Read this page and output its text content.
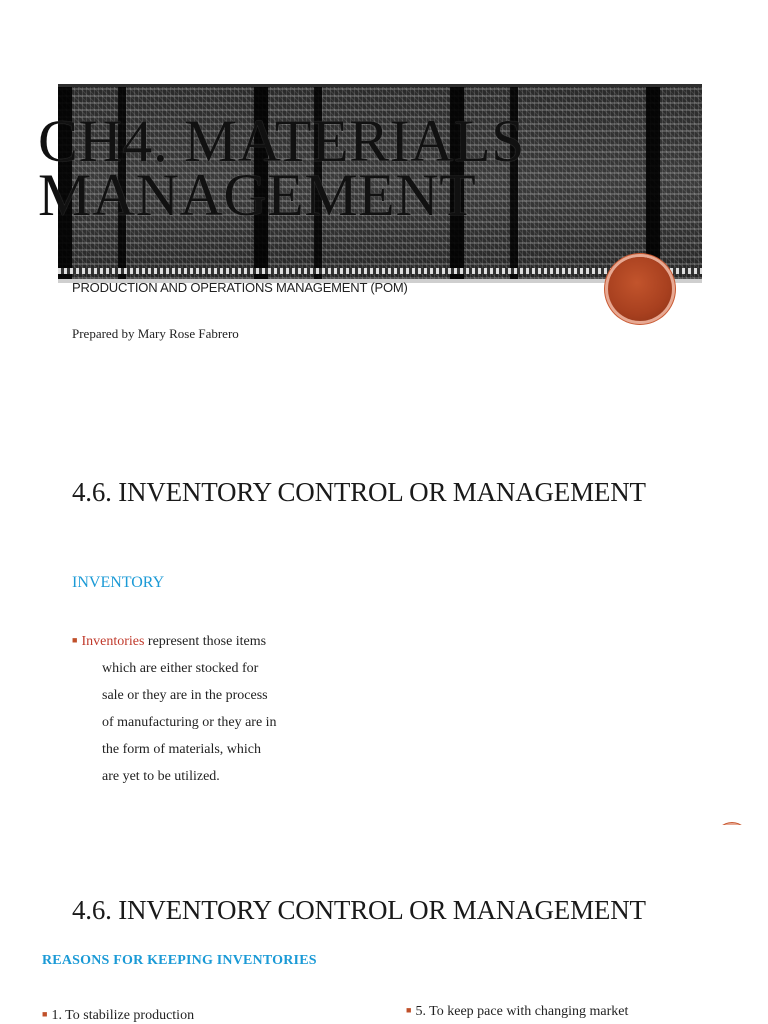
CH4. MATERIALS MANAGEMENT
PRODUCTION AND OPERATIONS MANAGEMENT (POM)
Prepared by Mary Rose Fabrero
4.6. INVENTORY CONTROL OR MANAGEMENT
INVENTORY
■ Inventories represent those items
which are either stocked for
sale or they are in the process
of manufacturing or they are in
the form of materials, which
are yet to be utilized.
4.6. INVENTORY CONTROL OR MANAGEMENT
REASONS FOR KEEPING INVENTORIES
■ 1. To stabilize production	■ 5. To keep pace with changing market
